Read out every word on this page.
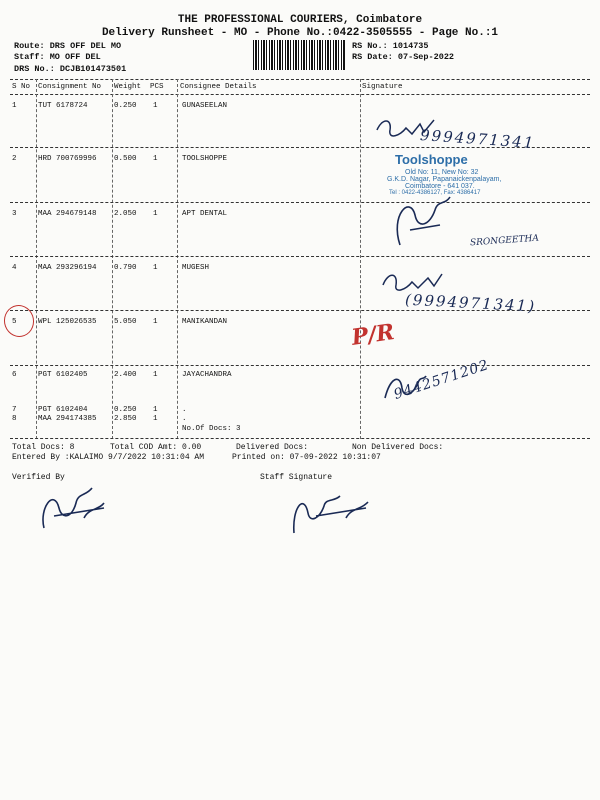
THE PROFESSIONAL COURIERS, Coimbatore
Delivery Runsheet - MO - Phone No.:0422-3505555 - Page No.:1
Route: DRS OFF DEL MO
Staff: MO OFF DEL
DRS No.: DCJB101473501
RS No.: 1014735
RS Date: 07-Sep-2022
S No Consignment No Weight PCS Consignee Details	Signature
1	TUT 6178724	0.250 1	GUNASEELAN
2	HRD 700769996 0.500 1	TOOLSHOPPE
3	MAA 294679148 2.050 1	APT DENTAL
4	MAA 293296194 0.790 1	MUGESH
5	WPL 125026535 5.050 1	MANIKANDAN
6	PGT 6102405	2.400 1	JAYACHANDRA
7	PGT 6102404	0.250 1	.
8	MAA 294174385 2.850 1	.
No.Of Docs: 3
Total Docs: 8	Total COD Amt: 0.00	Delivered Docs:	Non Delivered Docs:
Entered By :KALAIMO 9/7/2022 10:31:04 AM	Printed on: 07-09-2022 10:31:07
Verified By	Staff Signature
Toolshoppe
Old No: 11, New No: 32
G.K.D. Nagar, Papanaickenpalayam,
Coimbatore - 641 037.
Tel : 0422-4386127, Fax: 4386417
9994971341
SRONGEETHA
(9994971341)
P/R
9442571202
